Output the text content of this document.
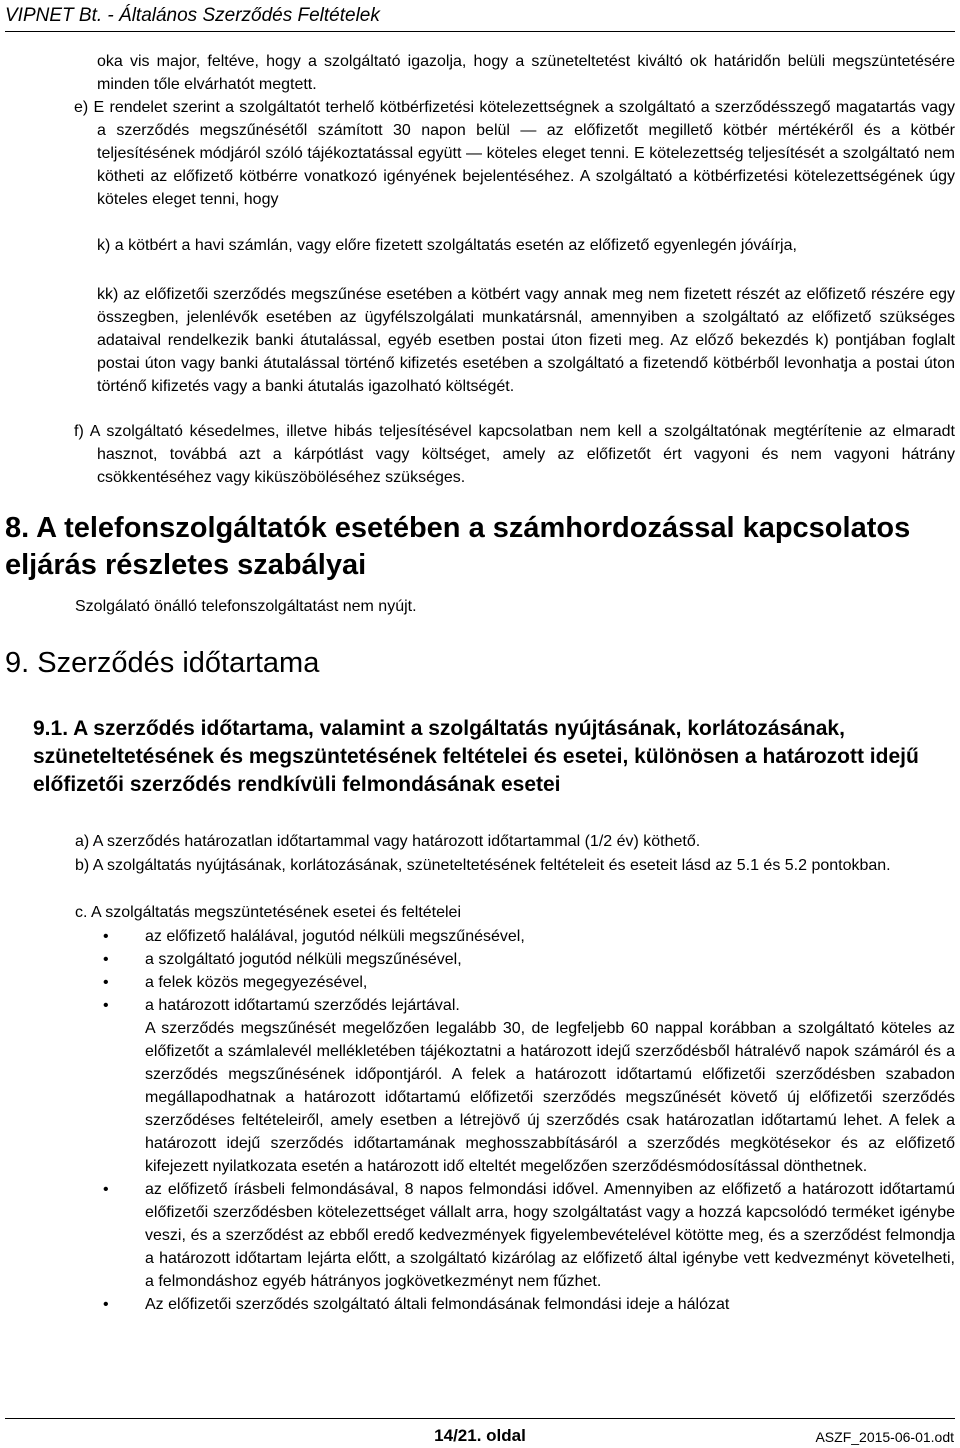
VIPNET Bt. - Általános Szerződés Feltételek

oka vis major, feltéve, hogy a szolgáltató igazolja, hogy a szüneteltetést kiváltó ok határidőn belüli megszüntetésére minden tőle elvárhatót megtett.

e) E rendelet szerint a szolgáltatót terhelő kötbérfizetési kötelezettségnek a szolgáltató a szerződésszegő magatartás vagy a szerződés megszűnésétől számított 30 napon belül — az előfizetőt megillető kötbér mértékéről és a kötbér teljesítésének módjáról szóló tájékoztatással együtt — köteles eleget tenni. E kötelezettség teljesítését a szolgáltató nem kötheti az előfizető kötbérre vonatkozó igényének bejelentéséhez. A szolgáltató a kötbérfizetési kötelezettségének úgy köteles eleget tenni, hogy

k) a kötbért a havi számlán, vagy előre fizetett szolgáltatás esetén az előfizető egyenlegén jóváírja,

kk) az előfizetői szerződés megszűnése esetében a kötbért vagy annak meg nem fizetett részét az előfizető részére egy összegben, jelenlévők esetében az ügyfélszolgálati munkatársnál, amennyiben a szolgáltató az előfizető szükséges adataival rendelkezik banki átutalással, egyéb esetben postai úton fizeti meg. Az előző bekezdés k) pontjában foglalt postai úton vagy banki átutalással történő kifizetés esetében a szolgáltató a fizetendő kötbérből levonhatja a postai úton történő kifizetés vagy a banki átutalás igazolható költségét.

f) A szolgáltató késedelmes, illetve hibás teljesítésével kapcsolatban nem kell a szolgáltatónak megtérítenie az elmaradt hasznot, továbbá azt a kárpótlást vagy költséget, amely az előfizetőt ért vagyoni és nem vagyoni hátrány csökkentéséhez vagy kiküszöböléséhez szükséges.

8. A telefonszolgáltatók esetében a számhordozással kapcsolatos eljárás részletes szabályai

Szolgálató önálló telefonszolgáltatást nem nyújt.

9. Szerződés időtartama
9.1. A szerződés időtartama, valamint a szolgáltatás nyújtásának, korlátozásának, szüneteltetésének és megszüntetésének feltételei és esetei, különösen a határozott idejű előfizetői szerződés rendkívüli felmondásának esetei

a) A szerződés határozatlan időtartammal vagy határozott időtartammal (1/2 év) köthető.

b) A szolgáltatás nyújtásának, korlátozásának, szüneteltetésének feltételeit és eseteit lásd az 5.1 és 5.2 pontokban.

c. A szolgáltatás megszüntetésének esetei és feltételei

• az előfizető halálával, jogutód nélküli megszűnésével,
• a szolgáltató jogutód nélküli megszűnésével,
• a felek közös megegyezésével,
• a határozott időtartamú szerződés lejártával.
A szerződés megszűnését megelőzően legalább 30, de legfeljebb 60 nappal korábban a szolgáltató köteles az előfizetőt a számlalevél mellékletében tájékoztatni a határozott idejű szerződésből hátralévő napok számáról és a szerződés megszűnésének időpontjáról. A felek a határozott időtartamú előfizetői szerződésben szabadon megállapodhatnak a határozott időtartamú előfizetői szerződés megszűnését követő új előfizetői szerződés szerződéses feltételeiről, amely esetben a létrejövő új szerződés csak határozatlan időtartamú lehet. A felek a határozott idejű szerződés időtartamának meghosszabbításáról a szerződés megkötésekor és az előfizető kifejezett nyilatkozata esetén a határozott idő elteltét megelőzően szerződésmódosítással dönthetnek.
• az előfizető írásbeli felmondásával, 8 napos felmondási idővel. Amennyiben az előfizető a határozott időtartamú előfizetői szerződésben kötelezettséget vállalt arra, hogy szolgáltatást vagy a hozzá kapcsolódó terméket igénybe veszi, és a szerződést az ebből eredő kedvezmények figyelembevételével kötötte meg, és a szerződést felmondja a határozott időtartam lejárta előtt, a szolgáltató kizárólag az előfizető által igénybe vett kedvezményt követelheti, a felmondáshoz egyéb hátrányos jogkövetkezményt nem fűzhet.
• Az előfizetői szerződés szolgáltató általi felmondásának felmondási ideje a hálózat
14/21. oldal	ASZF_2015-06-01.odt
